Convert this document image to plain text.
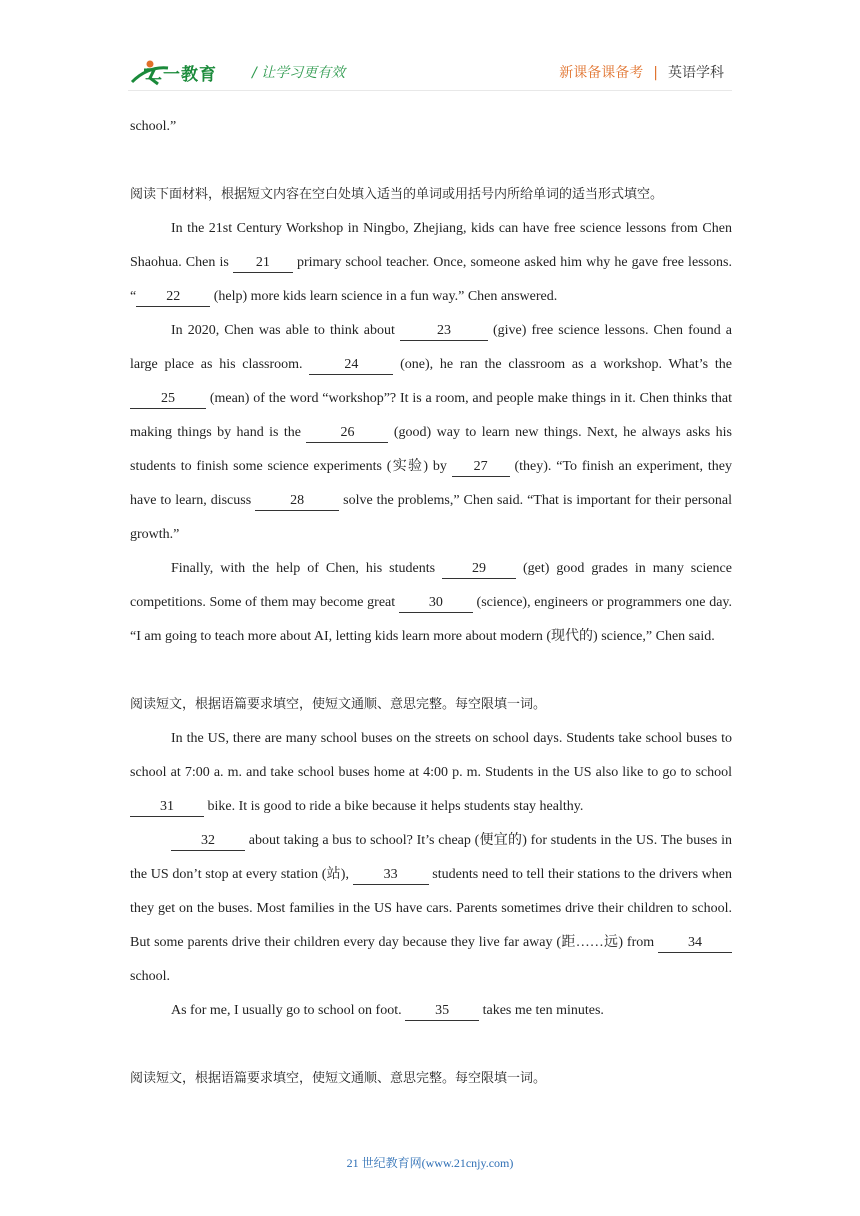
二一教育	/ 让学习更有效	新课备课备考 | 英语学科

school.”

阅读下面材料，根据短文内容在空白处填入适当的单词或用括号内所给单词的适当形式填空。

In the 21st Century Workshop in Ningbo, Zhejiang, kids can have free science lessons from Chen Shaohua. Chen is 21 primary school teacher. Once, someone asked him why he gave free lessons. “ 22 (help) more kids learn science in a fun way.” Chen answered.

In 2020, Chen was able to think about	23	(give) free science lessons. Chen found a large place as his classroom.	24	(one), he ran the classroom as a workshop. What’s the 25 (mean) of the word “workshop”? It is a room, and people make things in it. Chen thinks that making things by hand is the 26 (good) way to learn new things. Next, he always asks his students to finish some science experiments (实验) by 27 (they). “To finish an experiment, they have to learn, discuss	28	solve the problems,” Chen said. “That is important for their personal growth.”

Finally, with the help of Chen, his students 29 (get) good grades in many science competitions. Some of them may become great 30 (science), engineers or programmers one day. “I am going to teach more about AI, letting kids learn more about modern (现代的) science,” Chen said.

阅读短文，根据语篇要求填空，使短文通顺、意思完整。每空限填一词。

In the US, there are many school buses on the streets on school days. Students take school buses to school at 7:00 a. m. and take school buses home at 4:00 p. m. Students in the US also like to go to school 31 bike. It is good to ride a bike because it helps students stay healthy.

32 about taking a bus to school? It’s cheap (便宜的) for students in the US. The buses in the US don’t stop at every station (站), 33 students need to tell their stations to the drivers when they get on the buses. Most families in the US have cars. Parents sometimes drive their children to school. But some parents drive their children every day because they live far away (距……远) from 34 school.

As for me, I usually go to school on foot. 35 takes me ten minutes.

阅读短文，根据语篇要求填空，使短文通顺、意思完整。每空限填一词。

21 世纪教育网(www.21cnjy.com)
